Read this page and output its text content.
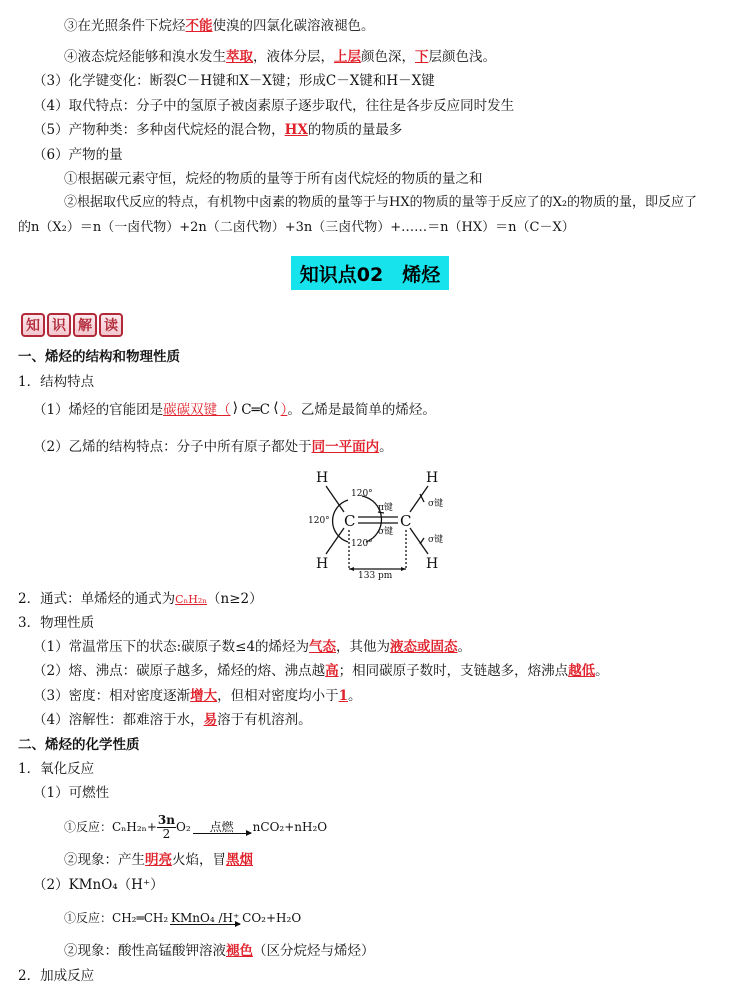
③在光照条件下烷烃不能使溴的四氯化碳溶液褪色。
④液态烷烃能够和溴水发生萃取，液体分层，上层颜色深，下层颜色浅。
（3）化学键变化：断裂C－H键和X－X键；形成C－X键和H－X键
（4）取代特点：分子中的氢原子被卤素原子逐步取代，往往是各步反应同时发生
（5）产物种类：多种卤代烷烃的混合物，HX的物质的量最多
（6）产物的量
①根据碳元素守恒，烷烃的物质的量等于所有卤代烷烃的物质的量之和
②根据取代反应的特点，有机物中卤素的物质的量等于与HX的物质的量等于反应了的X₂的物质的量，即反应了
的n（X₂）＝n（一卤代物）+2n（二卤代物）+3n（三卤代物）+……＝n（HX）＝n（C－X）
知识点02　烯烃
知 识 解 读
一、烯烃的结构和物理性质
1．结构特点
（1）烯烃的官能团是碳碳双键（ ⟩ C═C ⟨ ）。乙烯是最简单的烯烃。
（2）乙烯的结构特点：分子中所有原子都处于同一平面内。
H
H
H
H
C	C
120°
120°
120°
π键
σ键
σ键
σ键
133 pm
2．通式：单烯烃的通式为CₙH₂ₙ（n≥2）
3．物理性质
（1）常温常压下的状态:碳原子数≤4的烯烃为气态，其他为液态或固态。
（2）熔、沸点：碳原子越多，烯烃的熔、沸点越高；相同碳原子数时，支链越多，熔沸点越低。
（3）密度：相对密度逐渐增大，但相对密度均小于1。
（4）溶解性：都难溶于水，易溶于有机溶剂。
二、烯烃的化学性质
1．氧化反应
（1）可燃性
①反应：$C_nH_{2n}+ \frac{3n}{2} O_2$	点燃	nCO₂+nH₂O
②现象：产生明亮火焰，冒黑烟
（2）KMnO₄（H⁺）
①反应：CH₂═CH₂ KMnO₄ /H⁺ CO₂+H₂O
②现象：酸性高锰酸钾溶液褪色（区分烷烃与烯烃）
2．加成反应
